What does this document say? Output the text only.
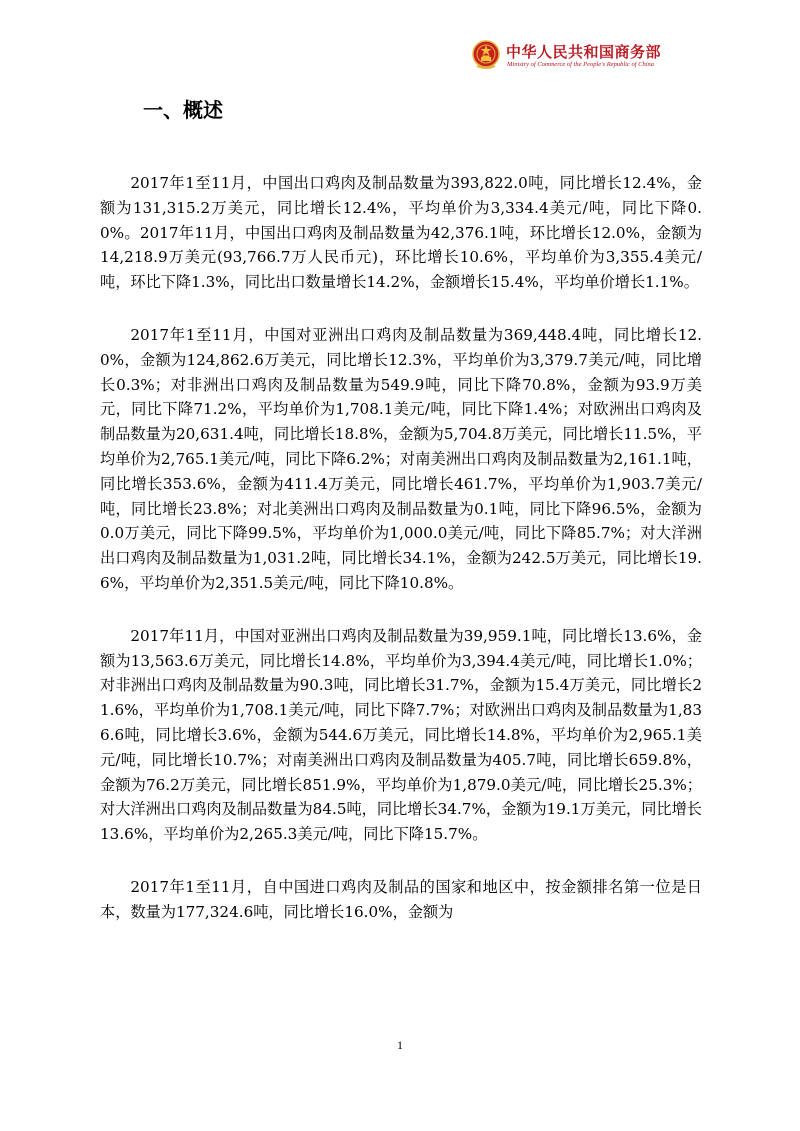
中华人民共和国商务部
Ministry of Commerce of the People's Republic of China
一、概述

2017年1至11月，中国出口鸡肉及制品数量为393,822.0吨，同比增长12.4%，金额为131,315.2万美元，同比增长12.4%，平均单价为3,334.4美元/吨，同比下降0.0%。2017年11月，中国出口鸡肉及制品数量为42,376.1吨，环比增长12.0%，金额为14,218.9万美元(93,766.7万人民币元)，环比增长10.6%，平均单价为3,355.4美元/吨，环比下降1.3%，同比出口数量增长14.2%，金额增长15.4%，平均单价增长1.1%。

2017年1至11月，中国对亚洲出口鸡肉及制品数量为369,448.4吨，同比增长12.0%，金额为124,862.6万美元，同比增长12.3%，平均单价为3,379.7美元/吨，同比增长0.3%；对非洲出口鸡肉及制品数量为549.9吨，同比下降70.8%，金额为93.9万美元，同比下降71.2%，平均单价为1,708.1美元/吨，同比下降1.4%；对欧洲出口鸡肉及制品数量为20,631.4吨，同比增长18.8%，金额为5,704.8万美元，同比增长11.5%，平均单价为2,765.1美元/吨，同比下降6.2%；对南美洲出口鸡肉及制品数量为2,161.1吨，同比增长353.6%，金额为411.4万美元，同比增长461.7%，平均单价为1,903.7美元/吨，同比增长23.8%；对北美洲出口鸡肉及制品数量为0.1吨，同比下降96.5%，金额为0.0万美元，同比下降99.5%，平均单价为1,000.0美元/吨，同比下降85.7%；对大洋洲出口鸡肉及制品数量为1,031.2吨，同比增长34.1%，金额为242.5万美元，同比增长19.6%，平均单价为2,351.5美元/吨，同比下降10.8%。

2017年11月，中国对亚洲出口鸡肉及制品数量为39,959.1吨，同比增长13.6%，金额为13,563.6万美元，同比增长14.8%，平均单价为3,394.4美元/吨，同比增长1.0%；对非洲出口鸡肉及制品数量为90.3吨，同比增长31.7%，金额为15.4万美元，同比增长21.6%，平均单价为1,708.1美元/吨，同比下降7.7%；对欧洲出口鸡肉及制品数量为1,836.6吨，同比增长3.6%，金额为544.6万美元，同比增长14.8%，平均单价为2,965.1美元/吨，同比增长10.7%；对南美洲出口鸡肉及制品数量为405.7吨，同比增长659.8%，金额为76.2万美元，同比增长851.9%，平均单价为1,879.0美元/吨，同比增长25.3%；对大洋洲出口鸡肉及制品数量为84.5吨，同比增长34.7%，金额为19.1万美元，同比增长13.6%，平均单价为2,265.3美元/吨，同比下降15.7%。

2017年1至11月，自中国进口鸡肉及制品的国家和地区中，按金额排名第一位是日本，数量为177,324.6吨，同比增长16.0%，金额为

1
